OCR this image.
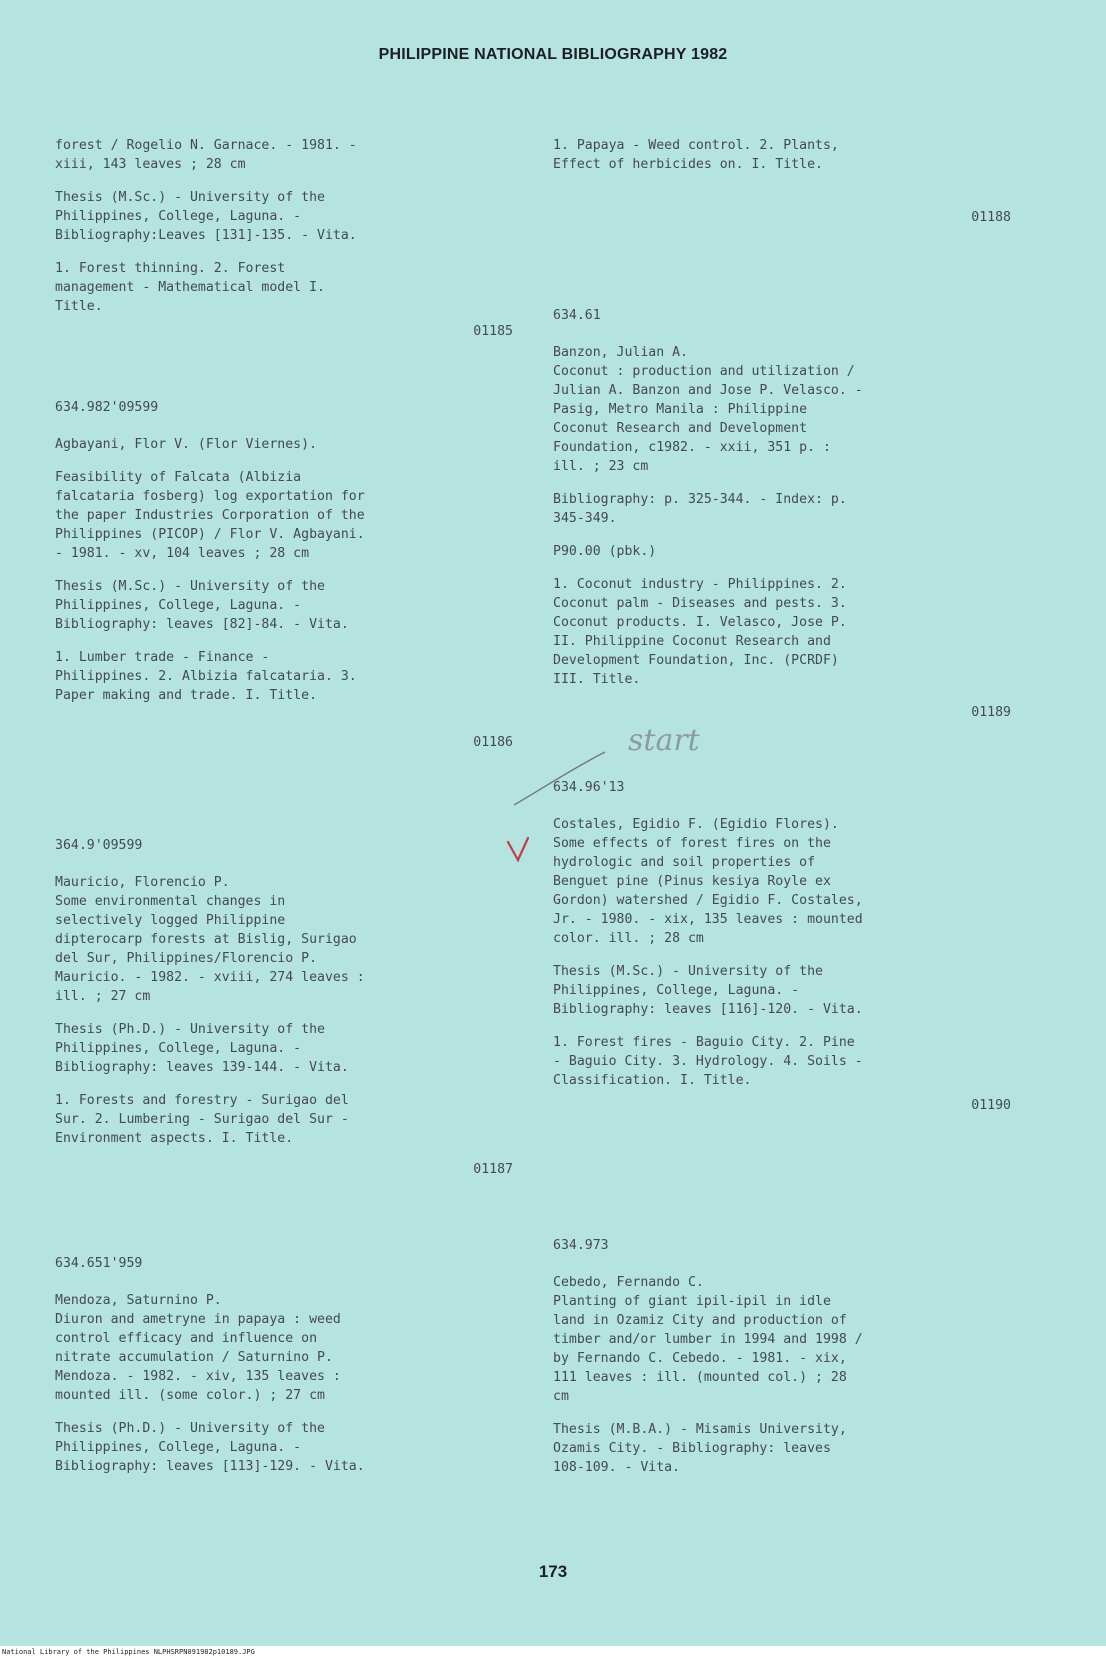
PHILIPPINE NATIONAL BIBLIOGRAPHY 1982

forest / Rogelio N. Garnace. - 1981. -
xiii, 143 leaves ; 28 cm

Thesis (M.Sc.) - University of the
Philippines, College, Laguna. -
Bibliography:Leaves [131]-135. - Vita.

1. Forest thinning. 2. Forest
management - Mathematical model I.
Title.

01185
634.982'09599

Agbayani, Flor V. (Flor Viernes).

Feasibility of Falcata (Albizia
falcataria fosberg) log exportation for
the paper Industries Corporation of the
Philippines (PICOP) / Flor V. Agbayani.
- 1981. - xv, 104 leaves ; 28 cm

Thesis (M.Sc.) - University of the
Philippines, College, Laguna. -
Bibliography: leaves [82]-84. - Vita.

1. Lumber trade - Finance -
Philippines. 2. Albizia falcataria. 3.
Paper making and trade. I. Title.

01186
364.9'09599

Mauricio, Florencio P.
Some environmental changes in
selectively logged Philippine
dipterocarp forests at Bislig, Surigao
del Sur, Philippines/Florencio P.
Mauricio. - 1982. - xviii, 274 leaves :
ill. ; 27 cm

Thesis (Ph.D.) - University of the
Philippines, College, Laguna. -
Bibliography: leaves 139-144. - Vita.

1. Forests and forestry - Surigao del
Sur. 2. Lumbering - Surigao del Sur -
Environment aspects. I. Title.

01187
634.651'959

Mendoza, Saturnino P.
Diuron and ametryne in papaya : weed
control efficacy and influence on
nitrate accumulation / Saturnino P.
Mendoza. - 1982. - xiv, 135 leaves :
mounted ill. (some color.) ; 27 cm

Thesis (Ph.D.) - University of the
Philippines, College, Laguna. -
Bibliography: leaves [113]-129. - Vita.

1. Papaya - Weed control. 2. Plants,
Effect of herbicides on. I. Title.

01188
634.61

Banzon, Julian A.
Coconut : production and utilization /
Julian A. Banzon and Jose P. Velasco. -
Pasig, Metro Manila : Philippine
Coconut Research and Development
Foundation, c1982. - xxii, 351 p. :
ill. ; 23 cm

Bibliography: p. 325-344. - Index: p.
345-349.

P90.00 (pbk.)

1. Coconut industry - Philippines. 2.
Coconut palm - Diseases and pests. 3.
Coconut products. I. Velasco, Jose P.
II. Philippine Coconut Research and
Development Foundation, Inc. (PCRDF)
III. Title.

01189
634.96'13

Costales, Egidio F. (Egidio Flores).
Some effects of forest fires on the
hydrologic and soil properties of
Benguet pine (Pinus kesiya Royle ex
Gordon) watershed / Egidio F. Costales,
Jr. - 1980. - xix, 135 leaves : mounted
color. ill. ; 28 cm

Thesis (M.Sc.) - University of the
Philippines, College, Laguna. -
Bibliography: leaves [116]-120. - Vita.

1. Forest fires - Baguio City. 2. Pine
- Baguio City. 3. Hydrology. 4. Soils -
Classification. I. Title.

01190
634.973

Cebedo, Fernando C.
Planting of giant ipil-ipil in idle
land in Ozamiz City and production of
timber and/or lumber in 1994 and 1998 /
by Fernando C. Cebedo. - 1981. - xix,
111 leaves : ill. (mounted col.) ; 28
cm

Thesis (M.B.A.) - Misamis University,
Ozamis City. - Bibliography: leaves
108-109. - Vita.

start
173
National Library of the Philippines NLPHSRPN091982p10189.JPG
